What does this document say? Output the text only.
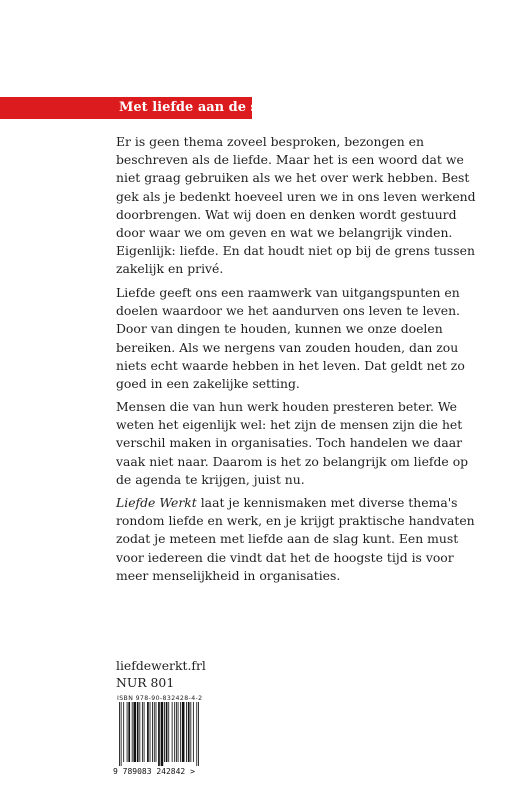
Met liefde aan de slag

Er is geen thema zoveel besproken, bezongen en
beschreven als de liefde. Maar het is een woord dat we
niet graag gebruiken als we het over werk hebben. Best
gek als je bedenkt hoeveel uren we in ons leven werkend
doorbrengen. Wat wij doen en denken wordt gestuurd
door waar we om geven en wat we belangrijk vinden.
Eigenlijk: liefde. En dat houdt niet op bij de grens tussen
zakelijk en privé.

Liefde geeft ons een raamwerk van uitgangspunten en
doelen waardoor we het aandurven ons leven te leven.
Door van dingen te houden, kunnen we onze doelen
bereiken. Als we nergens van zouden houden, dan zou
niets echt waarde hebben in het leven. Dat geldt net zo
goed in een zakelijke setting.

Mensen die van hun werk houden presteren beter. We
weten het eigenlijk wel: het zijn de mensen zijn die het
verschil maken in organisaties. Toch handelen we daar
vaak niet naar. Daarom is het zo belangrijk om liefde op
de agenda te krijgen, juist nu.

Liefde Werkt laat je kennismaken met diverse thema's
rondom liefde en werk, en je krijgt praktische handvaten
zodat je meteen met liefde aan de slag kunt. Een must
voor iedereen die vindt dat het de hoogste tijd is voor
meer menselijkheid in organisaties.

liefdewerkt.frl
NUR 801
ISBN 978-90-832428-4-2
9 789083 242842 >
